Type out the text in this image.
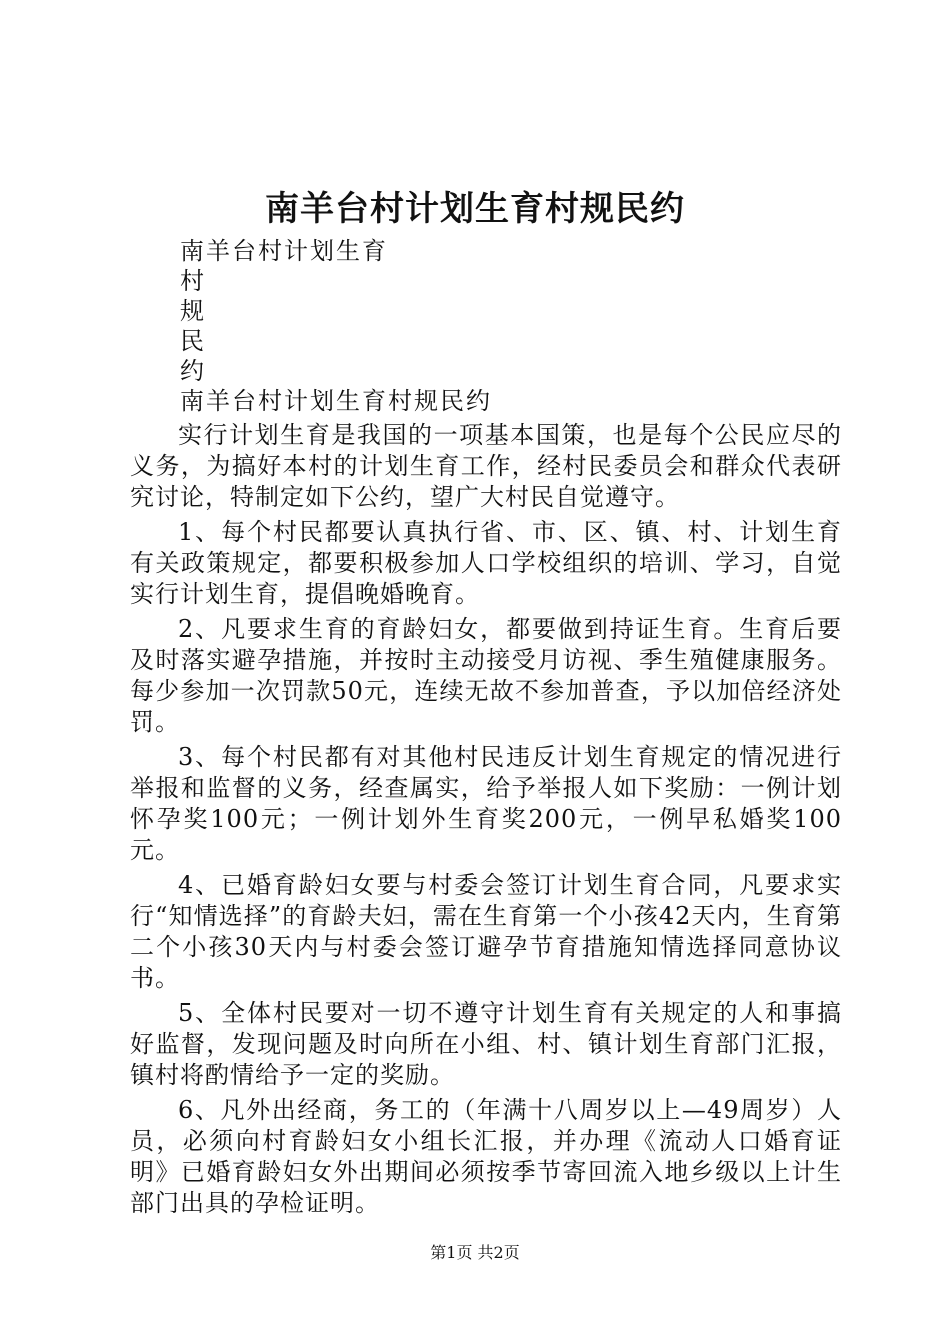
南羊台村计划生育村规民约
南羊台村计划生育
村
规
民
约
南羊台村计划生育村规民约

实行计划生育是我国的一项基本国策，也是每个公民应尽的义务，为搞好本村的计划生育工作，经村民委员会和群众代表研究讨论，特制定如下公约，望广大村民自觉遵守。

1、每个村民都要认真执行省、市、区、镇、村、计划生育有关政策规定，都要积极参加人口学校组织的培训、学习，自觉实行计划生育，提倡晚婚晚育。

2、凡要求生育的育龄妇女，都要做到持证生育。生育后要及时落实避孕措施，并按时主动接受月访视、季生殖健康服务。每少参加一次罚款50元，连续无故不参加普查，予以加倍经济处罚。

3、每个村民都有对其他村民违反计划生育规定的情况进行举报和监督的义务，经查属实，给予举报人如下奖励：一例计划怀孕奖100元；一例计划外生育奖200元，一例早私婚奖100元。

4、已婚育龄妇女要与村委会签订计划生育合同，凡要求实行“知情选择”的育龄夫妇，需在生育第一个小孩42天内，生育第二个小孩30天内与村委会签订避孕节育措施知情选择同意协议书。

5、全体村民要对一切不遵守计划生育有关规定的人和事搞好监督，发现问题及时向所在小组、村、镇计划生育部门汇报，镇村将酌情给予一定的奖励。

6、凡外出经商，务工的（年满十八周岁以上—49周岁）人员，必须向村育龄妇女小组长汇报，并办理《流动人口婚育证明》已婚育龄妇女外出期间必须按季节寄回流入地乡级以上计生部门出具的孕检证明。

第1页 共2页
